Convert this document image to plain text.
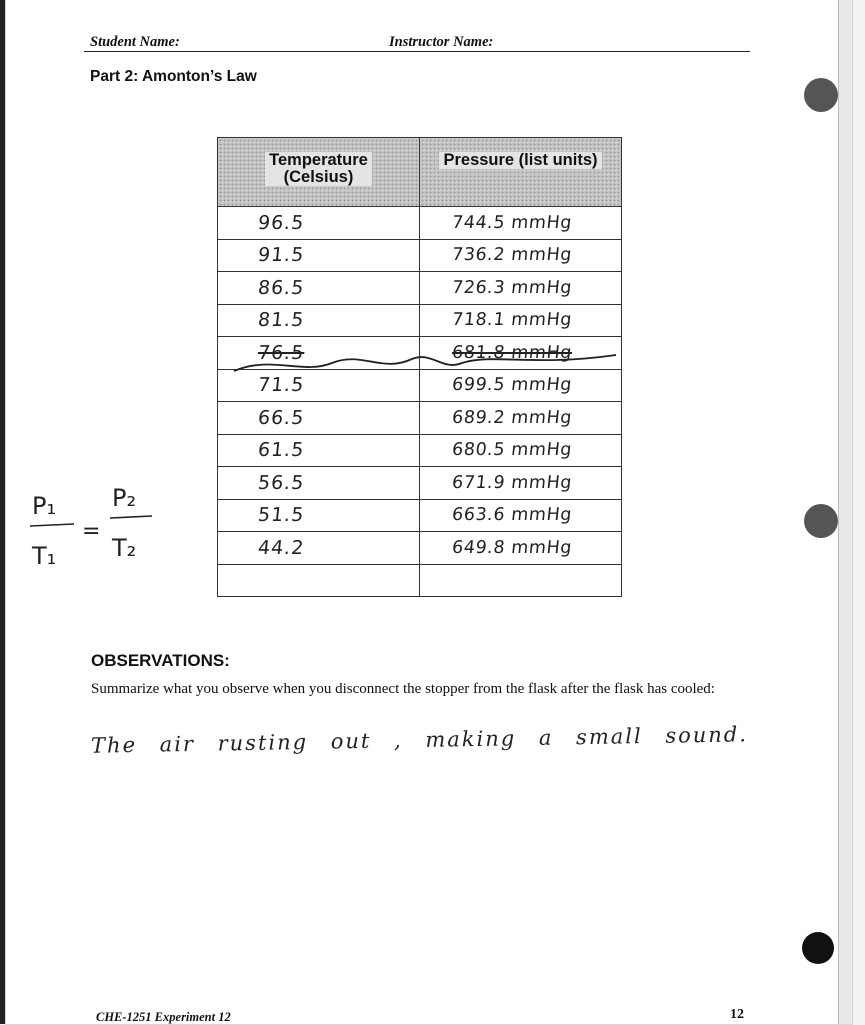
Student Name:	Instructor Name:
Part 2: Amonton’s Law
Temperature
(Celsius)	Pressure (list units)

96.5	744.5 mmHg

91.5	736.2 mmHg

86.5	726.3 mmHg

81.5	718.1 mmHg

76.5	681.8 mmHg

71.5	699.5 mmHg

66.5	689.2 mmHg

61.5	680.5 mmHg

56.5	671.9 mmHg

51.5	663.6 mmHg

44.2	649.8 mmHg

P₁
T₁
=
P₂
T₂
OBSERVATIONS:
Summarize what you observe when you disconnect the stopper from the flask after the flask has cooled:
The air rusting out , making a small sound.
CHE-1251 Experiment 12	12
